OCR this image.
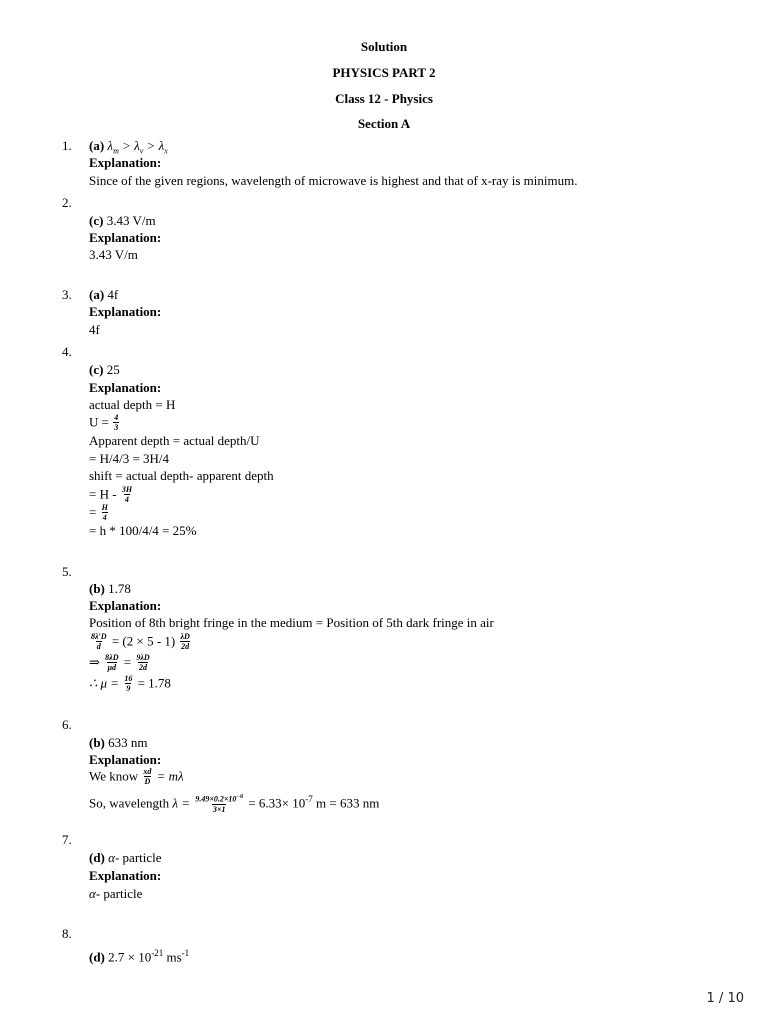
Solution
PHYSICS PART 2
Class 12 - Physics
Section A
1. (a) $\lambda_m > \lambda_v > \lambda_x$
Explanation:
Since of the given regions, wavelength of microwave is highest and that of x-ray is minimum.
2.
(c) 3.43 V/m
Explanation:
3.43 V/m
3. (a) 4f
Explanation:
4f
4.
(c) 25
Explanation:
actual depth = H
$U = \frac{4}{3}$
Apparent depth = actual depth/U
= H/4/3 = 3H/4
shift = actual depth- apparent depth
= H - $\frac{3H}{4}$
= $\frac{H}{4}$
= h * 100/4/4 = 25%
5.
(b) 1.78
Explanation:
Position of 8th bright fringe in the medium = Position of 5th dark fringe in air
$\frac{8\lambda'D}{d} = (2 \times 5 - 1) \frac{\lambda D}{2d}$
⇒ $\frac{8\lambda D}{\mu d} = \frac{9\lambda D}{2d}$
∴ $\mu = \frac{16}{9} = 1.78$
6.
(b) 633 nm
Explanation:
We know $\frac{xd}{D} = m\lambda$
So, wavelength $\lambda = \frac{9.49\times 0.2\times 10^{-6}}{3\times 1} = 6.33\times 10^{-7}$ m = 633 nm
7.
(d) α- particle
Explanation:
α- particle
8.
(d) $2.7 \times 10^{-21}$ $ms^{-1}$
1 / 10
